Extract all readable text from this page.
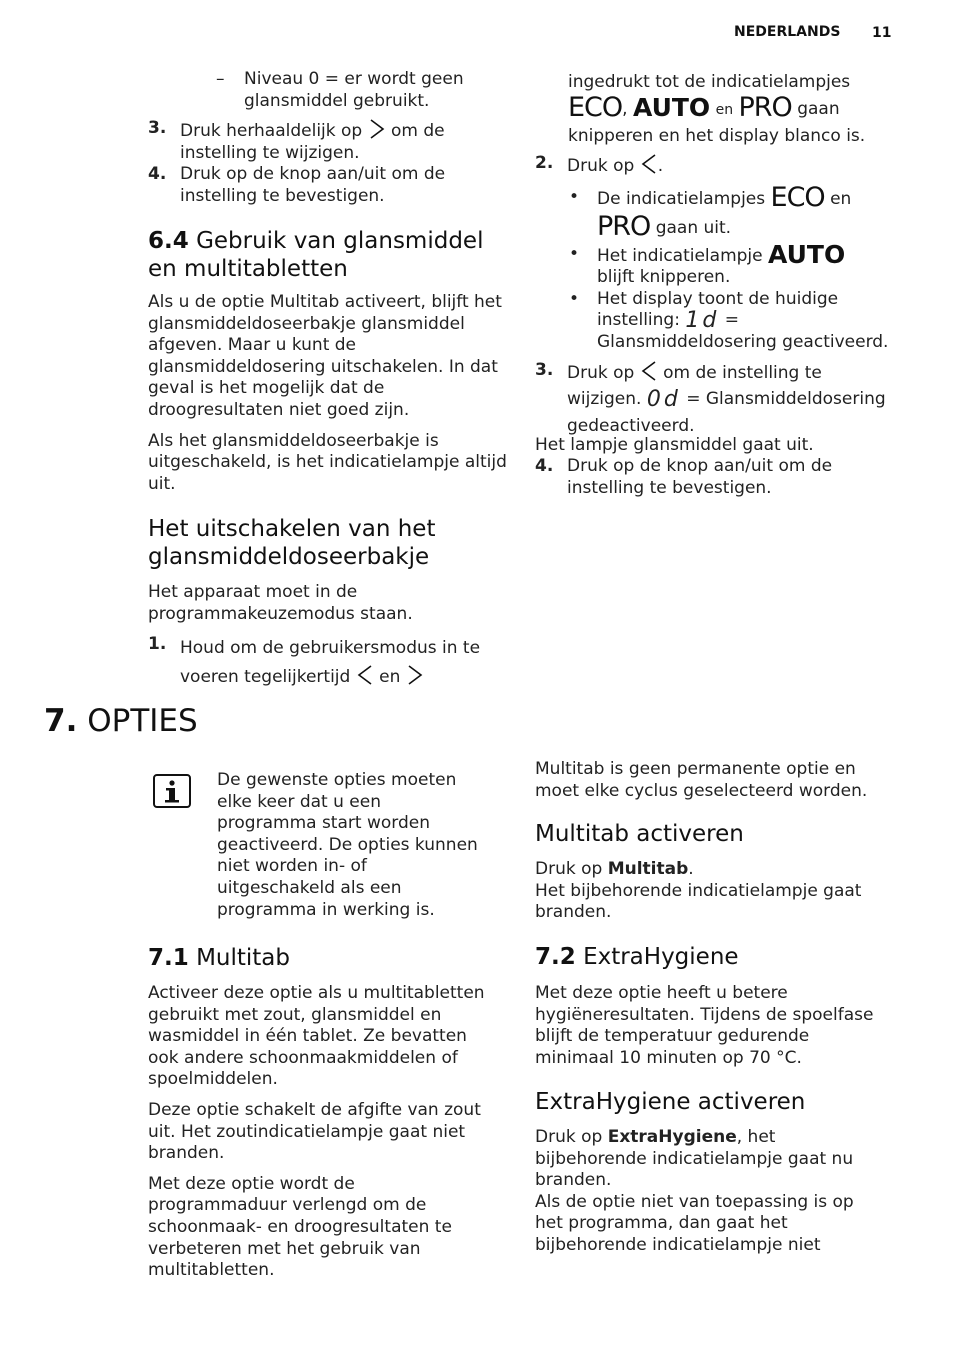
NEDERLANDS 11
–	Niveau 0 = er wordt geen glansmiddel gebruikt.
3. Druk herhaaldelijk op om de instelling te wijzigen.
4. Druk op de knop aan/uit om de instelling te bevestigen.
6.4 Gebruik van glansmiddel en multitabletten

Als u de optie Multitab activeert, blijft het glansmiddeldoseerbakje glansmiddel afgeven. Maar u kunt de glansmiddeldosering uitschakelen. In dat geval is het mogelijk dat de droogresultaten niet goed zijn.

Als het glansmiddeldoseerbakje is uitgeschakeld, is het indicatielampje altijd uit.

Het uitschakelen van het glansmiddeldoseerbakje

Het apparaat moet in de programmakeuzemodus staan.

1. Houd om de gebruikersmodus in te voeren tegelijkertijd en
ingedrukt tot de indicatielampjes
ECO, AUTO en PRO gaan knipperen en het display blanco is.
2. Druk op .
•	De indicatielampjes ECO en
PRO gaan uit.
•	Het indicatielampje AUTO
blijft knipperen.
•	Het display toont de huidige instelling: 1d = Glansmiddeldosering geactiveerd.
3. Druk op om de instelling te wijzigen. 0d = Glansmiddeldosering gedeactiveerd.
Het lampje glansmiddel gaat uit.
4. Druk op de knop aan/uit om de instelling te bevestigen.
7. OPTIES
De gewenste opties moeten elke keer dat u een programma start worden geactiveerd. De opties kunnen niet worden in- of uitgeschakeld als een programma in werking is.
7.1 Multitab

Activeer deze optie als u multitabletten gebruikt met zout, glansmiddel en wasmiddel in één tablet. Ze bevatten ook andere schoonmaakmiddelen of spoelmiddelen.

Deze optie schakelt de afgifte van zout uit. Het zoutindicatielampje gaat niet branden.

Met deze optie wordt de programmaduur verlengd om de schoonmaak- en droogresultaten te verbeteren met het gebruik van multitabletten.

Multitab is geen permanente optie en moet elke cyclus geselecteerd worden.
Multitab activeren
Druk op Multitab.
Het bijbehorende indicatielampje gaat branden.
7.2 ExtraHygiene
Met deze optie heeft u betere hygiëneresultaten. Tijdens de spoelfase blijft de temperatuur gedurende minimaal 10 minuten op 70 °C.
ExtraHygiene activeren
Druk op ExtraHygiene, het bijbehorende indicatielampje gaat nu branden.
Als de optie niet van toepassing is op het programma, dan gaat het bijbehorende indicatielampje niet
